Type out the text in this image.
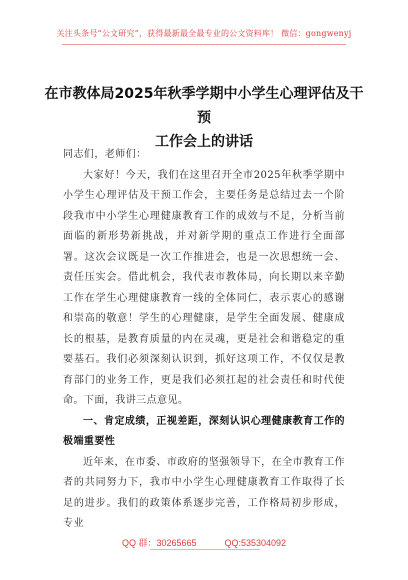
关注头条号“公文研究”，获得最新最全最专业的公文资料库！ 微信：gongwenyj
在市教体局2025年秋季学期中小学生心理评估及干预
工作会上的讲话

同志们，老师们：

大家好！今天，我们在这里召开全市2025年秋季学期中小学生心理评估及干预工作会，主要任务是总结过去一个阶段我市中小学生心理健康教育工作的成效与不足，分析当前面临的新形势新挑战，并对新学期的重点工作进行全面部署。这次会议既是一次工作推进会，也是一次思想统一会、责任压实会。借此机会，我代表市教体局，向长期以来辛勤工作在学生心理健康教育一线的全体同仁，表示衷心的感谢和崇高的敬意！学生的心理健康，是学生全面发展、健康成长的根基，是教育质量的内在灵魂，更是社会和谐稳定的重要基石。我们必须深刻认识到，抓好这项工作，不仅仅是教育部门的业务工作，更是我们必须扛起的社会责任和时代使命。下面，我讲三点意见。

一、肯定成绩，正视差距，深刻认识心理健康教育工作的极端重要性

近年来，在市委、市政府的坚强领导下，在全市教育工作者的共同努力下，我市中小学生心理健康教育工作取得了长足的进步。我们的政策体系逐步完善，工作格局初步形成，专业

QQ 群：30265665	QQ:535304092
